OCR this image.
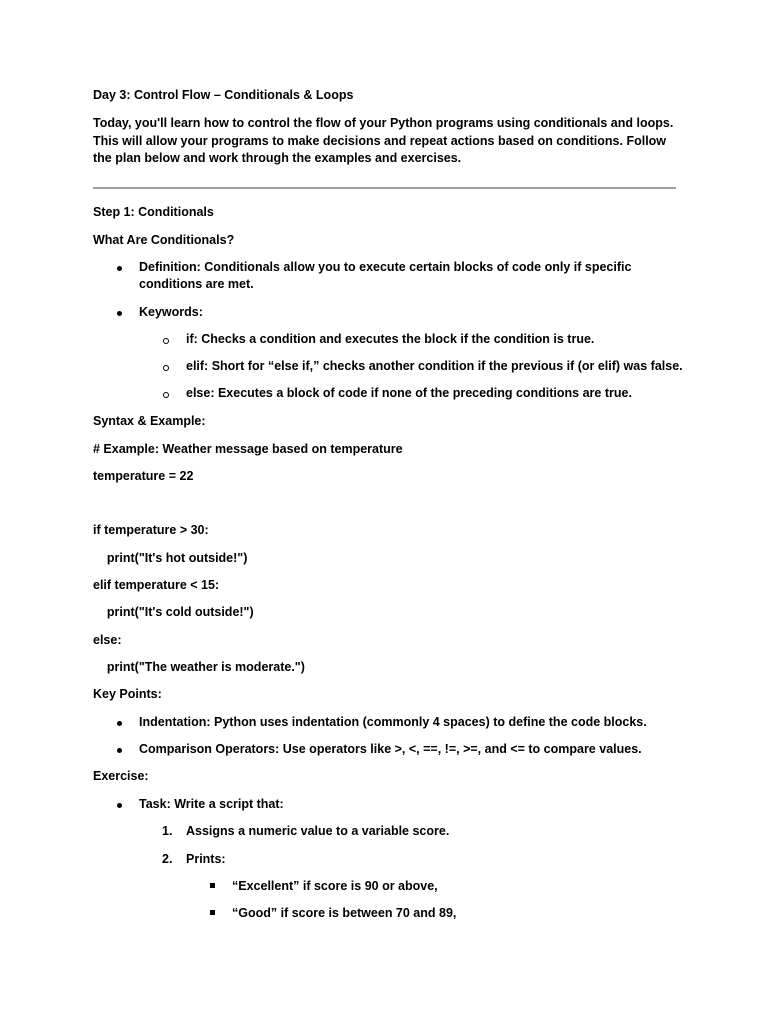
Day 3: Control Flow – Conditionals & Loops
Today, you'll learn how to control the flow of your Python programs using conditionals and loops. This will allow your programs to make decisions and repeat actions based on conditions. Follow the plan below and work through the examples and exercises.
Step 1: Conditionals
What Are Conditionals?
Definition: Conditionals allow you to execute certain blocks of code only if specific
conditions are met.
Keywords:
if: Checks a condition and executes the block if the condition is true.
elif: Short for “else if,” checks another condition if the previous if (or elif) was false.
else: Executes a block of code if none of the preceding conditions are true.
Syntax & Example:
# Example: Weather message based on temperature
temperature = 22
if temperature > 30:
print("It's hot outside!")
elif temperature < 15:
print("It's cold outside!")
else:
print("The weather is moderate.")
Key Points:
Indentation: Python uses indentation (commonly 4 spaces) to define the code blocks.
Comparison Operators: Use operators like >, <, ==, !=, >=, and <= to compare values.
Exercise:
Task: Write a script that:
1. Assigns a numeric value to a variable score.
2. Prints:
“Excellent” if score is 90 or above,
“Good” if score is between 70 and 89,
